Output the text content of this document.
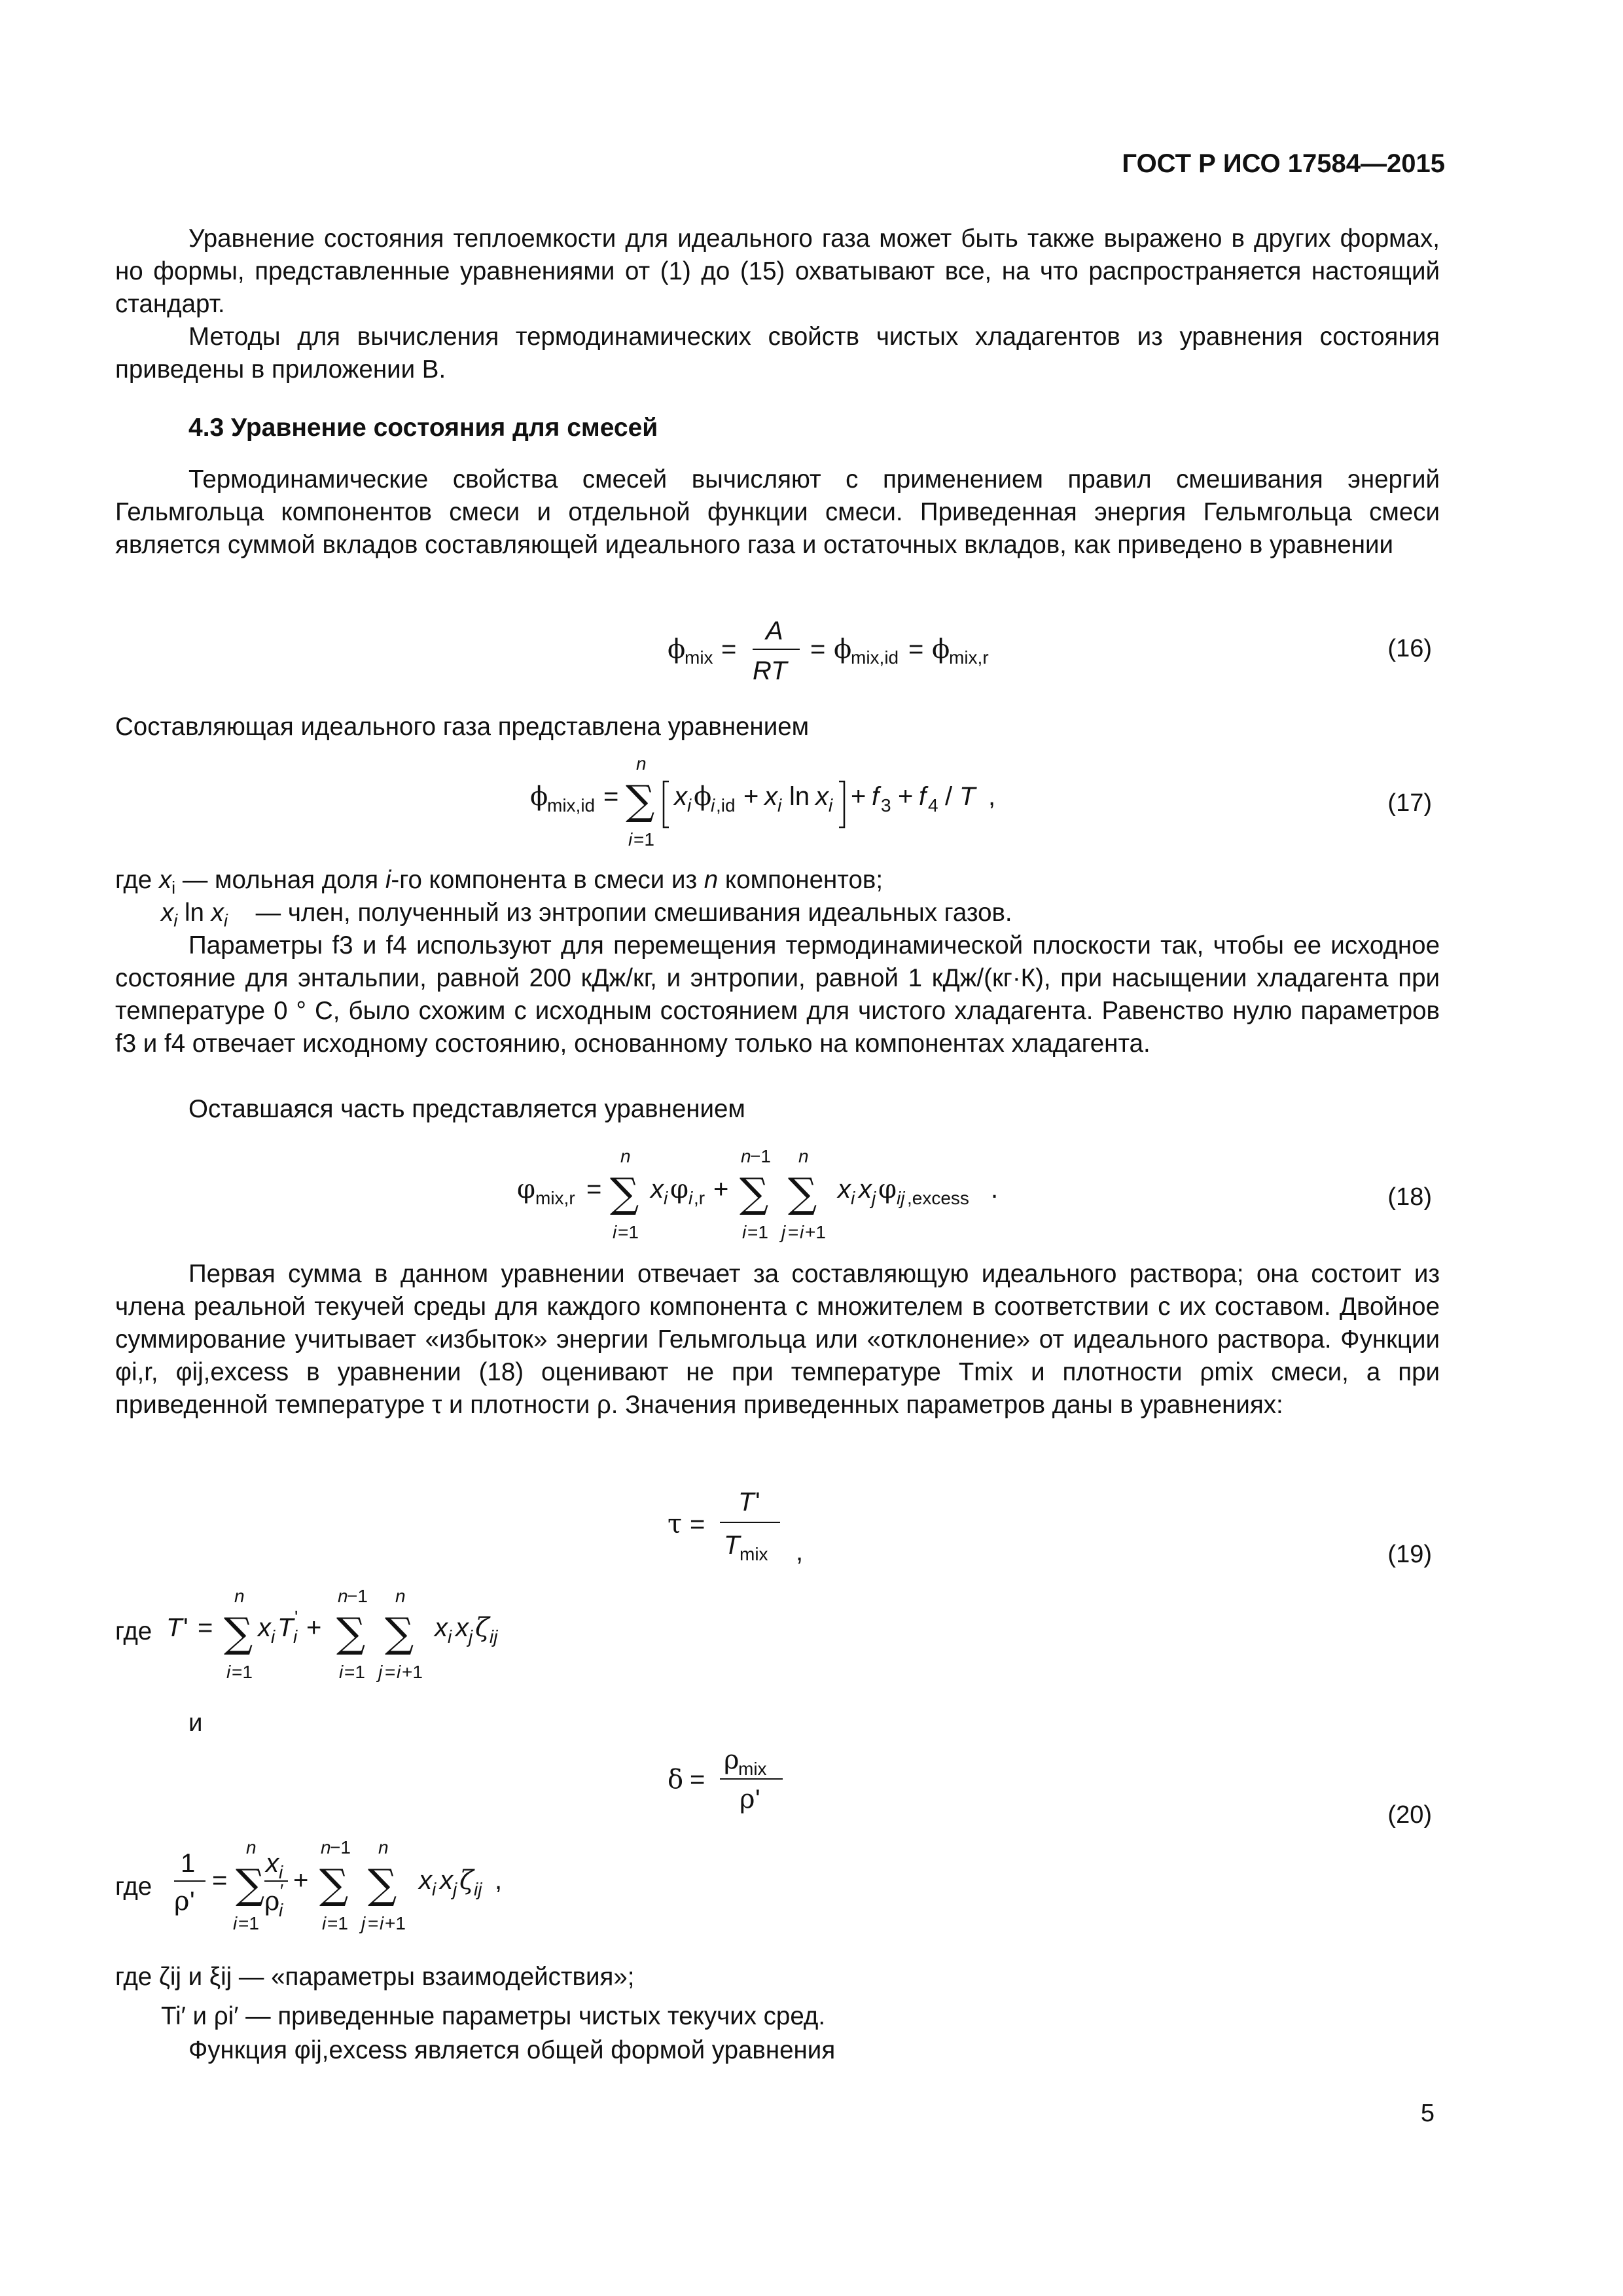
ГОСТ Р ИСО 17584—2015

Уравнение состояния теплоемкости для идеального газа может быть также выражено в других формах, но формы, представленные уравнениями от (1) до (15) охватывают все, на что распространяется настоящий стандарт.

Методы для вычисления термодинамических свойств чистых хладагентов из уравнения состояния приведены в приложении В.

4.3 Уравнение состояния для смесей

Термодинамические свойства смесей вычисляют с применением правил смешивания энергий Гельмгольца компонентов смеси и отдельной функции смеси. Приведенная энергия Гельмгольца смеси является суммой вкладов составляющей идеального газа и остаточных вкладов, как приведено в уравнении

ϕ
mix =
A
RT
= ϕ
mix,id = ϕ
mix,r	(16)
Составляющая идеального газа представлена уравнением
ϕ
mix,id =
n
∑
i =1
x i ϕ
i ,id + x i ln x i + f 3 + f 4 / T ,	(17)
где $x_i$ — мольная доля i-го компонента в смеси из n компонентов;
$x_i$ $\ln x_i$ — член, полученный из энтропии смешивания идеальных газов.

Параметры f3 и f4 используют для перемещения термодинамической плоскости так, чтобы ее исходное состояние для энтальпии, равной 200 кДж/кг, и энтропии, равной 1 кДж/(кг·К), при насыщении хладагента при температуре 0 ° С, было схожим с исходным состоянием для чистого хладагента. Равенство нулю параметров f3 и f4 отвечает исходному состоянию, основанному только на компонентах хладагента.

Оставшаяся часть представляется уравнением
φ mix,r =
n
∑
i =1
x i φ i ,r +
n
−1
∑
i =1
n
∑
j = i +1
x i x j φ ij ,excess .	(18)

Первая сумма в данном уравнении отвечает за составляющую идеального раствора; она состоит из члена реальной текучей среды для каждого компонента с множителем в соответствии с их составом. Двойное суммирование учитывает «избыток» энергии Гельмгольца или «отклонение» от идеального раствора. Функции φi,r, φij,excess в уравнении (18) оценивают не при температуре Tmix и плотности ρmix смеси, а при приведенной температуре τ и плотности ρ. Значения приведенных параметров даны в уравнениях:

τ =
T '
T mix ,	(19)
где T ' =
n
∑
i =1
x i T i
' +
n
−1
∑
i =1
n
∑
j = i +1
x i x j ζ ij
и
δ =
ρ
mix
ρ '
(20)
где
1
ρ '
=
n
∑
i =1
x i
ρ
i
′ +
n
−1
∑
i =1
n
∑
j = i +1
x i x j ζ ij ,
где ζij и ξij — «параметры взаимодействия»;
Ti′ и ρi′ — приведенные параметры чистых текучих сред.
Функция φij,excess является общей формой уравнения
5
